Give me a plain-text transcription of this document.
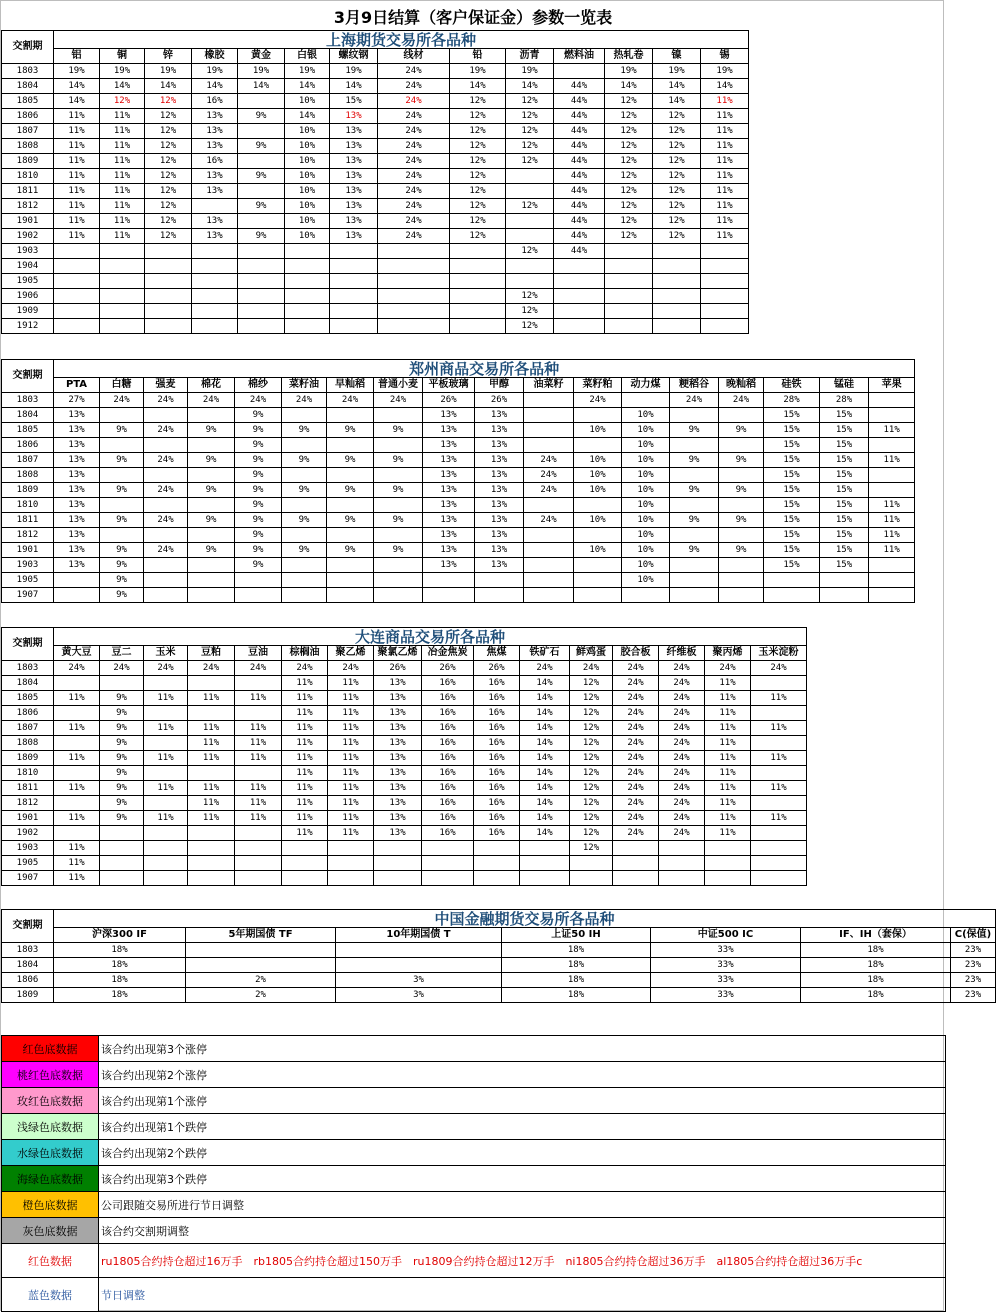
3月9日结算（客户保证金）参数一览表
交割期	上海期货交易所各品种													
	铝	铜	锌	橡胶	黄金	白银	螺纹钢	线材	铅	沥青	燃料油	热轧卷	镍	锡
1803	19%	19%	19%	19%	19%	19%	19%	24%	19%	19%		19%	19%	19%
1804	14%	14%	14%	14%	14%	14%	14%	24%	14%	14%	44%	14%	14%	14%
1805	14%	12%	12%	16%		10%	15%	24%	12%	12%	44%	12%	14%	11%
1806	11%	11%	12%	13%	9%	14%	13%	24%	12%	12%	44%	12%	12%	11%
1807	11%	11%	12%	13%		10%	13%	24%	12%	12%	44%	12%	12%	11%
1808	11%	11%	12%	13%	9%	10%	13%	24%	12%	12%	44%	12%	12%	11%
1809	11%	11%	12%	16%		10%	13%	24%	12%	12%	44%	12%	12%	11%
1810	11%	11%	12%	13%	9%	10%	13%	24%	12%		44%	12%	12%	11%
1811	11%	11%	12%	13%		10%	13%	24%	12%		44%	12%	12%	11%
1812	11%	11%	12%		9%	10%	13%	24%	12%	12%	44%	12%	12%	11%
1901	11%	11%	12%	13%		10%	13%	24%	12%		44%	12%	12%	11%
1902	11%	11%	12%	13%	9%	10%	13%	24%	12%		44%	12%	12%	11%
1903										12%	44%			
1904														
1905														
1906										12%				
1909										12%				
1912										12%				
交割期	郑州商品交易所各品种																	
	PTA	白糖	强麦	棉花	棉纱	菜籽油	早籼稻	普通小麦	平板玻璃	甲醇	油菜籽	菜籽粕	动力煤	粳稻谷	晚籼稻	硅铁	锰硅	苹果
1803	27%	24%	24%	24%	24%	24%	24%	24%	26%	26%		24%		24%	24%	28%	28%	
1804	13%				9%				13%	13%			10%			15%	15%	
1805	13%	9%	24%	9%	9%	9%	9%	9%	13%	13%		10%	10%	9%	9%	15%	15%	11%
1806	13%				9%				13%	13%			10%			15%	15%	
1807	13%	9%	24%	9%	9%	9%	9%	9%	13%	13%	24%	10%	10%	9%	9%	15%	15%	11%
1808	13%				9%				13%	13%	24%	10%	10%			15%	15%	
1809	13%	9%	24%	9%	9%	9%	9%	9%	13%	13%	24%	10%	10%	9%	9%	15%	15%	
1810	13%				9%				13%	13%			10%			15%	15%	11%
1811	13%	9%	24%	9%	9%	9%	9%	9%	13%	13%	24%	10%	10%	9%	9%	15%	15%	11%
1812	13%				9%				13%	13%			10%			15%	15%	11%
1901	13%	9%	24%	9%	9%	9%	9%	9%	13%	13%		10%	10%	9%	9%	15%	15%	11%
1903	13%	9%			9%				13%	13%			10%			15%	15%	
1905		9%											10%					
1907		9%																
交割期	大连商品交易所各品种															
	黄大豆	豆二	玉米	豆粕	豆油	棕榈油	聚乙烯	聚氯乙烯	冶金焦炭	焦煤	铁矿石	鲜鸡蛋	胶合板	纤维板	聚丙烯	玉米淀粉
1803	24%	24%	24%	24%	24%	24%	24%	26%	26%	26%	24%	24%	24%	24%	24%	24%
1804						11%	11%	13%	16%	16%	14%	12%	24%	24%	11%	
1805	11%	9%	11%	11%	11%	11%	11%	13%	16%	16%	14%	12%	24%	24%	11%	11%
1806		9%				11%	11%	13%	16%	16%	14%	12%	24%	24%	11%	
1807	11%	9%	11%	11%	11%	11%	11%	13%	16%	16%	14%	12%	24%	24%	11%	11%
1808		9%		11%	11%	11%	11%	13%	16%	16%	14%	12%	24%	24%	11%	
1809	11%	9%	11%	11%	11%	11%	11%	13%	16%	16%	14%	12%	24%	24%	11%	11%
1810		9%				11%	11%	13%	16%	16%	14%	12%	24%	24%	11%	
1811	11%	9%	11%	11%	11%	11%	11%	13%	16%	16%	14%	12%	24%	24%	11%	11%
1812		9%		11%	11%	11%	11%	13%	16%	16%	14%	12%	24%	24%	11%	
1901	11%	9%	11%	11%	11%	11%	11%	13%	16%	16%	14%	12%	24%	24%	11%	11%
1902						11%	11%	13%	16%	16%	14%	12%	24%	24%	11%	
1903	11%											12%				
1905	11%															
1907	11%															
交割期	中国金融期货交易所各品种						
	沪深300 IF	5年期国债 TF	10年期国债 T	上证50 IH	中证500 IC	IF、IH（套保）	C(保值)
1803	18%			18%	33%	18%	23%
1804	18%			18%	33%	18%	23%
1806	18%	2%	3%	18%	33%	18%	23%
1809	18%	2%	3%	18%	33%	18%	23%
红色底数据	该合约出现第3个涨停
桃红色底数据	该合约出现第2个涨停
玫红色底数据	该合约出现第1个涨停
浅绿色底数据	该合约出现第1个跌停
水绿色底数据	该合约出现第2个跌停
海绿色底数据	该合约出现第3个跌停
橙色底数据	公司跟随交易所进行节日调整
灰色底数据	该合约交割期调整
红色数据	ru1805合约持仓超过16万手　rb1805合约持仓超过150万手　ru1809合约持仓超过12万手　ni1805合约持仓超过36万手　al1805合约持仓超过36万手c
蓝色数据	节日调整
